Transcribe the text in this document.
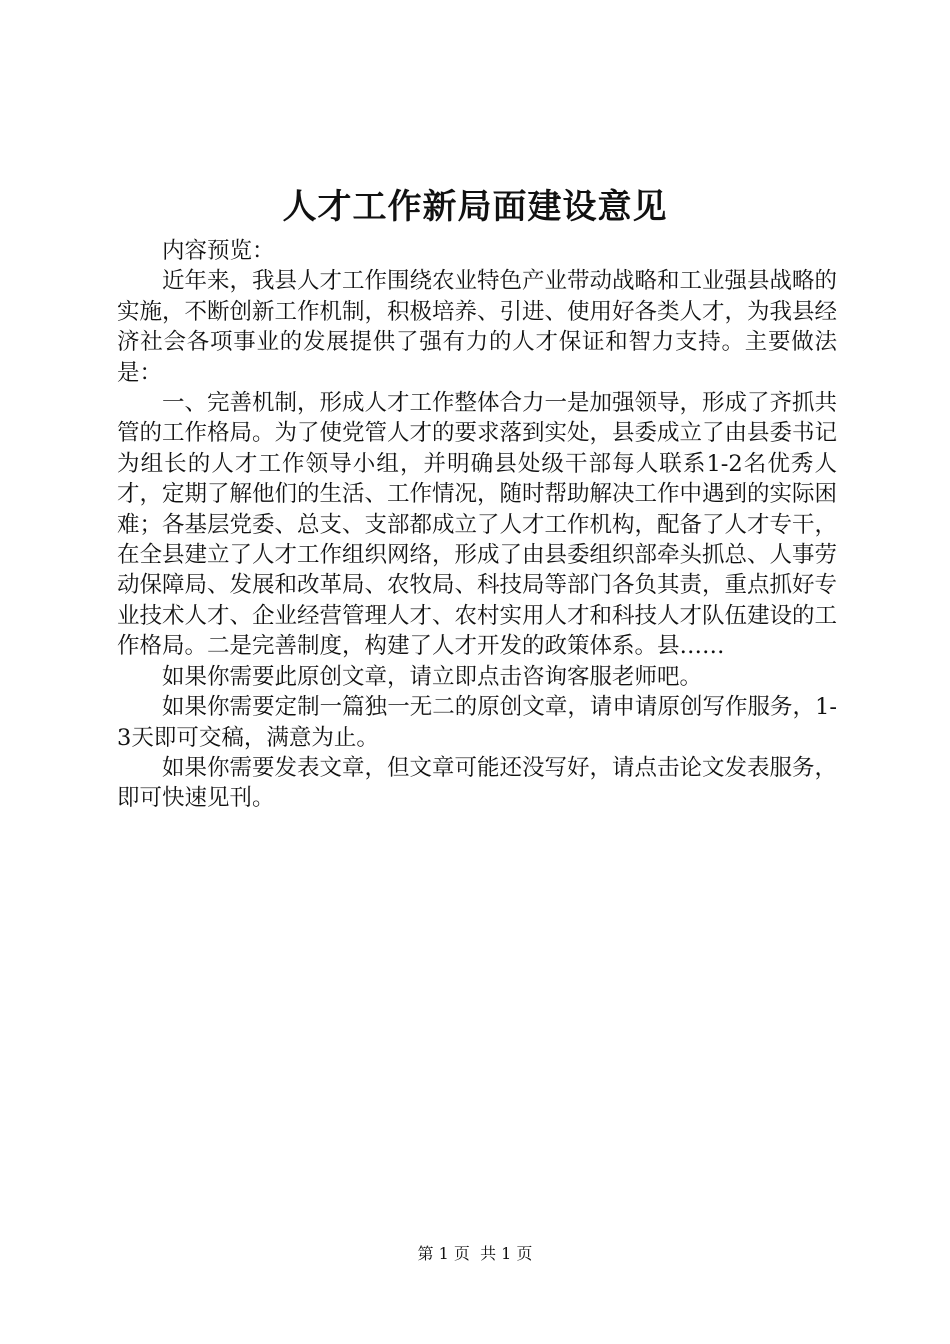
人才工作新局面建设意见

内容预览：

近年来，我县人才工作围绕农业特色产业带动战略和工业强县战略的实施，不断创新工作机制，积极培养、引进、使用好各类人才，为我县经济社会各项事业的发展提供了强有力的人才保证和智力支持。主要做法是：

一、完善机制，形成人才工作整体合力一是加强领导，形成了齐抓共管的工作格局。为了使党管人才的要求落到实处，县委成立了由县委书记为组长的人才工作领导小组，并明确县处级干部每人联系1-2名优秀人才，定期了解他们的生活、工作情况，随时帮助解决工作中遇到的实际困难；各基层党委、总支、支部都成立了人才工作机构，配备了人才专干，在全县建立了人才工作组织网络，形成了由县委组织部牵头抓总、人事劳动保障局、发展和改革局、农牧局、科技局等部门各负其责，重点抓好专业技术人才、企业经营管理人才、农村实用人才和科技人才队伍建设的工作格局。二是完善制度，构建了人才开发的政策体系。县……

如果你需要此原创文章，请立即点击咨询客服老师吧。

如果你需要定制一篇独一无二的原创文章，请申请原创写作服务，1-3天即可交稿，满意为止。

如果你需要发表文章，但文章可能还没写好，请点击论文发表服务，即可快速见刊。

第 1 页  共 1 页
